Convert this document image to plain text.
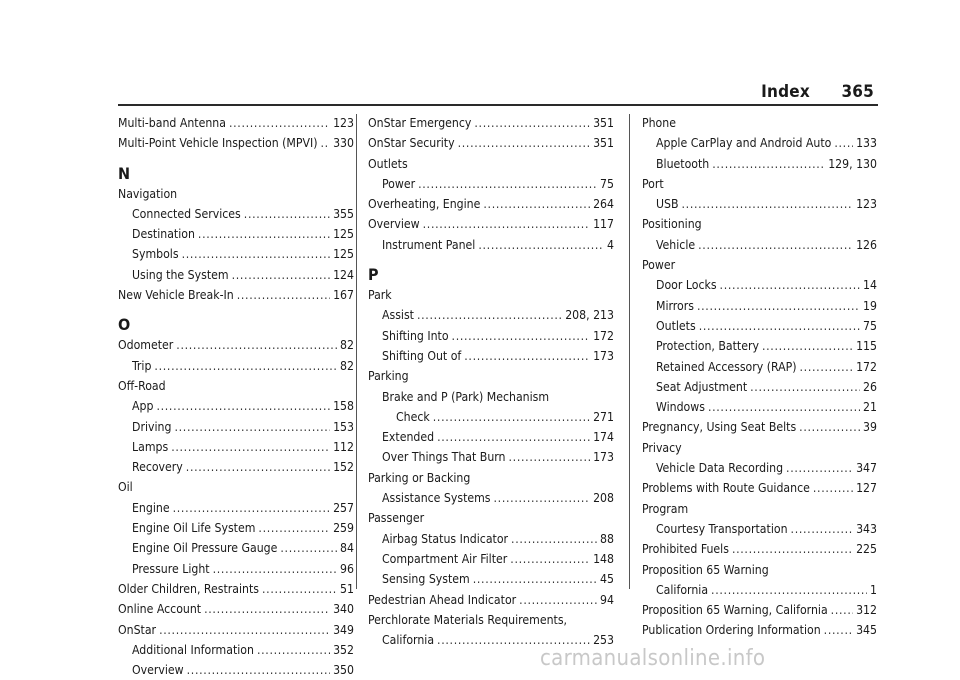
Index 365
Multi-band Antenna . . .	123
Multi-Point Vehicle Inspection (MPVI) . . . 330
N
Navigation
Connected Services . . .	355
Destination . . .	125
Symbols . . .	125
Using the System . . .	124
New Vehicle Break-In . . .	167
O
Odometer . . .	82
Trip . . .	82
Off-Road
App . . .	158
Driving . . .	153
Lamps . . .	112
Recovery . . .	152
Oil
Engine . . .	257
Engine Oil Life System . . .	259
Engine Oil Pressure Gauge . . .	84
Pressure Light . . .	96
Older Children, Restraints . . .	51
Online Account . . .	340
OnStar . . .	349
Additional Information . . .	352
Overview . . .	350
OnStar Emergency . . .	351
OnStar Security . . .	351
Outlets
Power . . .	75
Overheating, Engine . . .	264
Overview . . .	117
Instrument Panel . . .	4
P
Park
Assist . . .	208, 213
Shifting Into . . .	172
Shifting Out of . . .	173
Parking
Brake and P (Park) Mechanism
Check . . .	271
Extended . . .	174
Over Things That Burn . . .	173
Parking or Backing
Assistance Systems . . .	208
Passenger
Airbag Status Indicator . . .	88
Compartment Air Filter . . .	148
Sensing System . . .	45
Pedestrian Ahead Indicator . . .	94
Perchlorate Materials Requirements,
California . . .	253
Phone
Apple CarPlay and Android Auto . . . 133
Bluetooth . . .	129, 130
Port
USB . . .	123
Positioning
Vehicle . . .	126
Power
Door Locks . . .	14
Mirrors . . .	19
Outlets . . .	75
Protection, Battery . . .	115
Retained Accessory (RAP) . . .	172
Seat Adjustment . . .	26
Windows . . .	21
Pregnancy, Using Seat Belts . . .	39
Privacy
Vehicle Data Recording . . .	347
Problems with Route Guidance . . .	127
Program
Courtesy Transportation . . .	343
Prohibited Fuels . . .	225
Proposition 65 Warning
California . . .	1
Proposition 65 Warning, California . . . 312
Publication Ordering Information . . .	345
carmanualsonline.info
